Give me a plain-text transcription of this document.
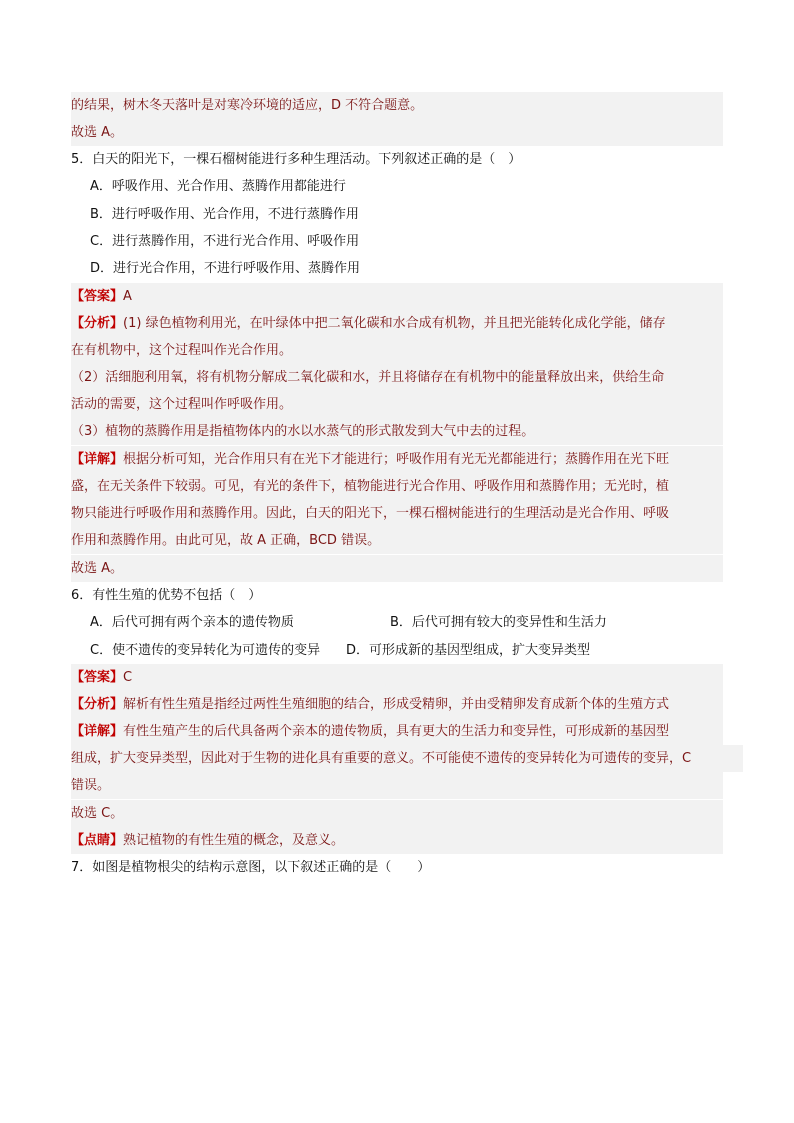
的结果，树木冬天落叶是对寒冷环境的适应，D 不符合题意。
故选 A。
5．白天的阳光下，一棵石榴树能进行多种生理活动。下列叙述正确的是（　）
A．呼吸作用、光合作用、蒸腾作用都能进行
B．进行呼吸作用、光合作用，不进行蒸腾作用
C．进行蒸腾作用，不进行光合作用、呼吸作用
D．进行光合作用，不进行呼吸作用、蒸腾作用
【答案】A
【分析】(1) 绿色植物利用光，在叶绿体中把二氧化碳和水合成有机物，并且把光能转化成化学能，储存
在有机物中，这个过程叫作光合作用。
（2）活细胞利用氧，将有机物分解成二氧化碳和水，并且将储存在有机物中的能量释放出来，供给生命
活动的需要，这个过程叫作呼吸作用。
（3）植物的蒸腾作用是指植物体内的水以水蒸气的形式散发到大气中去的过程。
【详解】根据分析可知，光合作用只有在光下才能进行；呼吸作用有光无光都能进行；蒸腾作用在光下旺
盛，在无关条件下较弱。可见，有光的条件下，植物能进行光合作用、呼吸作用和蒸腾作用；无光时，植
物只能进行呼吸作用和蒸腾作用。因此，白天的阳光下，一棵石榴树能进行的生理活动是光合作用、呼吸
作用和蒸腾作用。由此可见，故 A 正确，BCD 错误。
故选 A。
6．有性生殖的优势不包括（　）
A．后代可拥有两个亲本的遗传物质	B．后代可拥有较大的变异性和生活力
C．使不遗传的变异转化为可遗传的变异 D．可形成新的基因型组成，扩大变异类型
【答案】C
【分析】解析有性生殖是指经过两性生殖细胞的结合，形成受精卵，并由受精卵发育成新个体的生殖方式
【详解】有性生殖产生的后代具备两个亲本的遗传物质，具有更大的生活力和变异性，可形成新的基因型
组成，扩大变异类型，因此对于生物的进化具有重要的意义。不可能使不遗传的变异转化为可遗传的变异，C
错误。
故选 C。
【点睛】熟记植物的有性生殖的概念，及意义。
7．如图是植物根尖的结构示意图，以下叙述正确的是（　　）
